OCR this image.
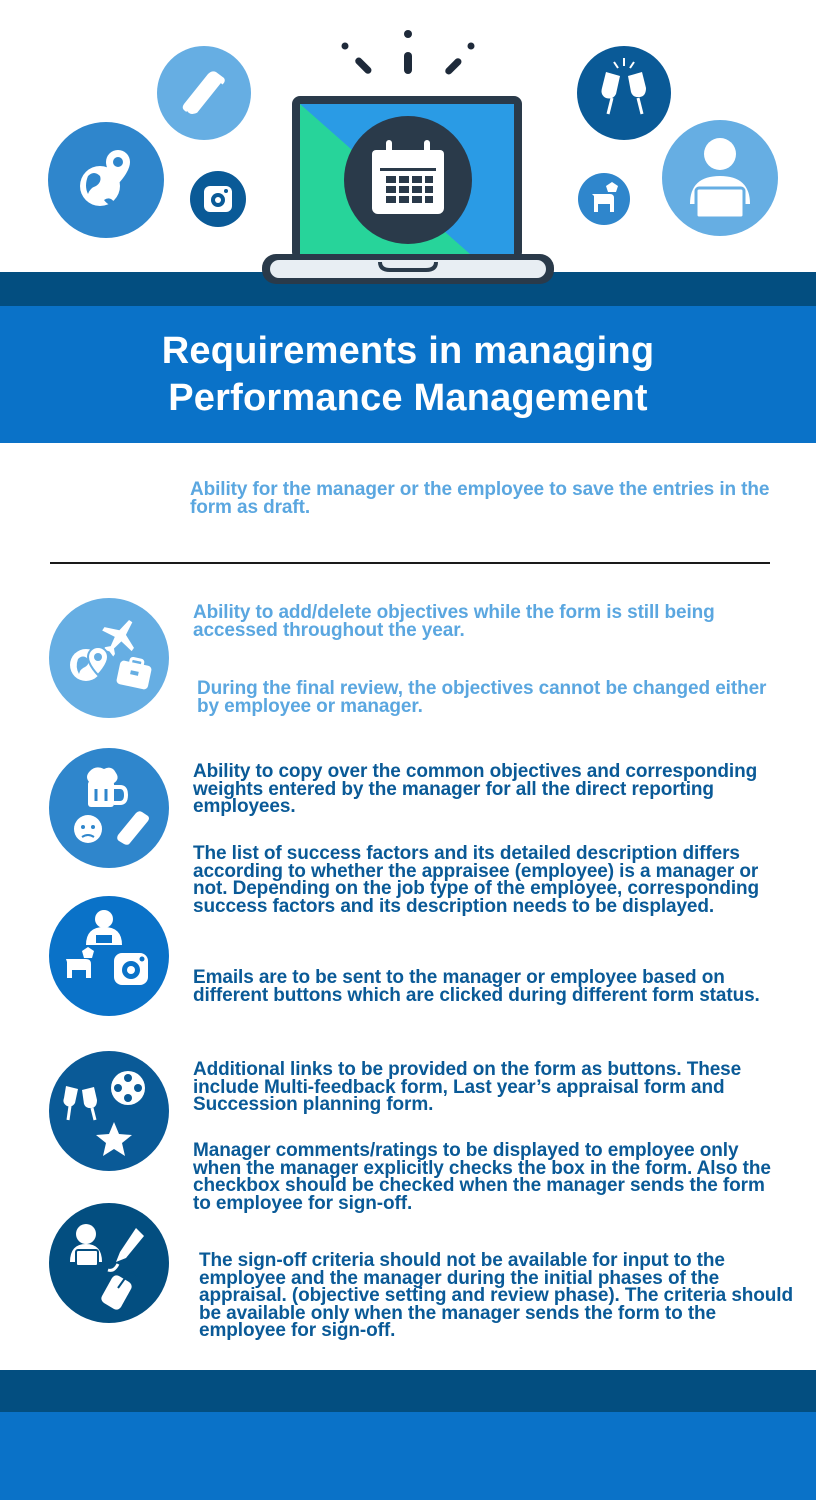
Requirements in managing
Performance Management
Ability for the manager or the employee to save the entries in the form as draft.
Ability to add/delete objectives while the form is still being accessed throughout the year.
During the final review, the objectives cannot be changed either by employee or manager.
Ability to copy over the common objectives and corresponding weights entered by the manager for all the direct reporting employees.
The list of success factors and its detailed description differs according to whether the appraisee (employee) is a manager or not. Depending on the job type of the employee, corresponding success factors and its description needs to be displayed.
Emails are to be sent to the manager or employee based on different buttons which are clicked during different form status.
Additional links to be provided on the form as buttons. These include Multi-feedback form, Last year’s appraisal form and Succession planning form.
Manager comments/ratings to be displayed to employee only when the manager explicitly checks the box in the form. Also the checkbox should be checked when the manager sends the form to employee for sign-off.
The sign-off criteria should not be available for input to the employee and the manager during the initial phases of the appraisal. (objective setting and review phase). The criteria should be available only when the manager sends the form to the employee for sign-off.
